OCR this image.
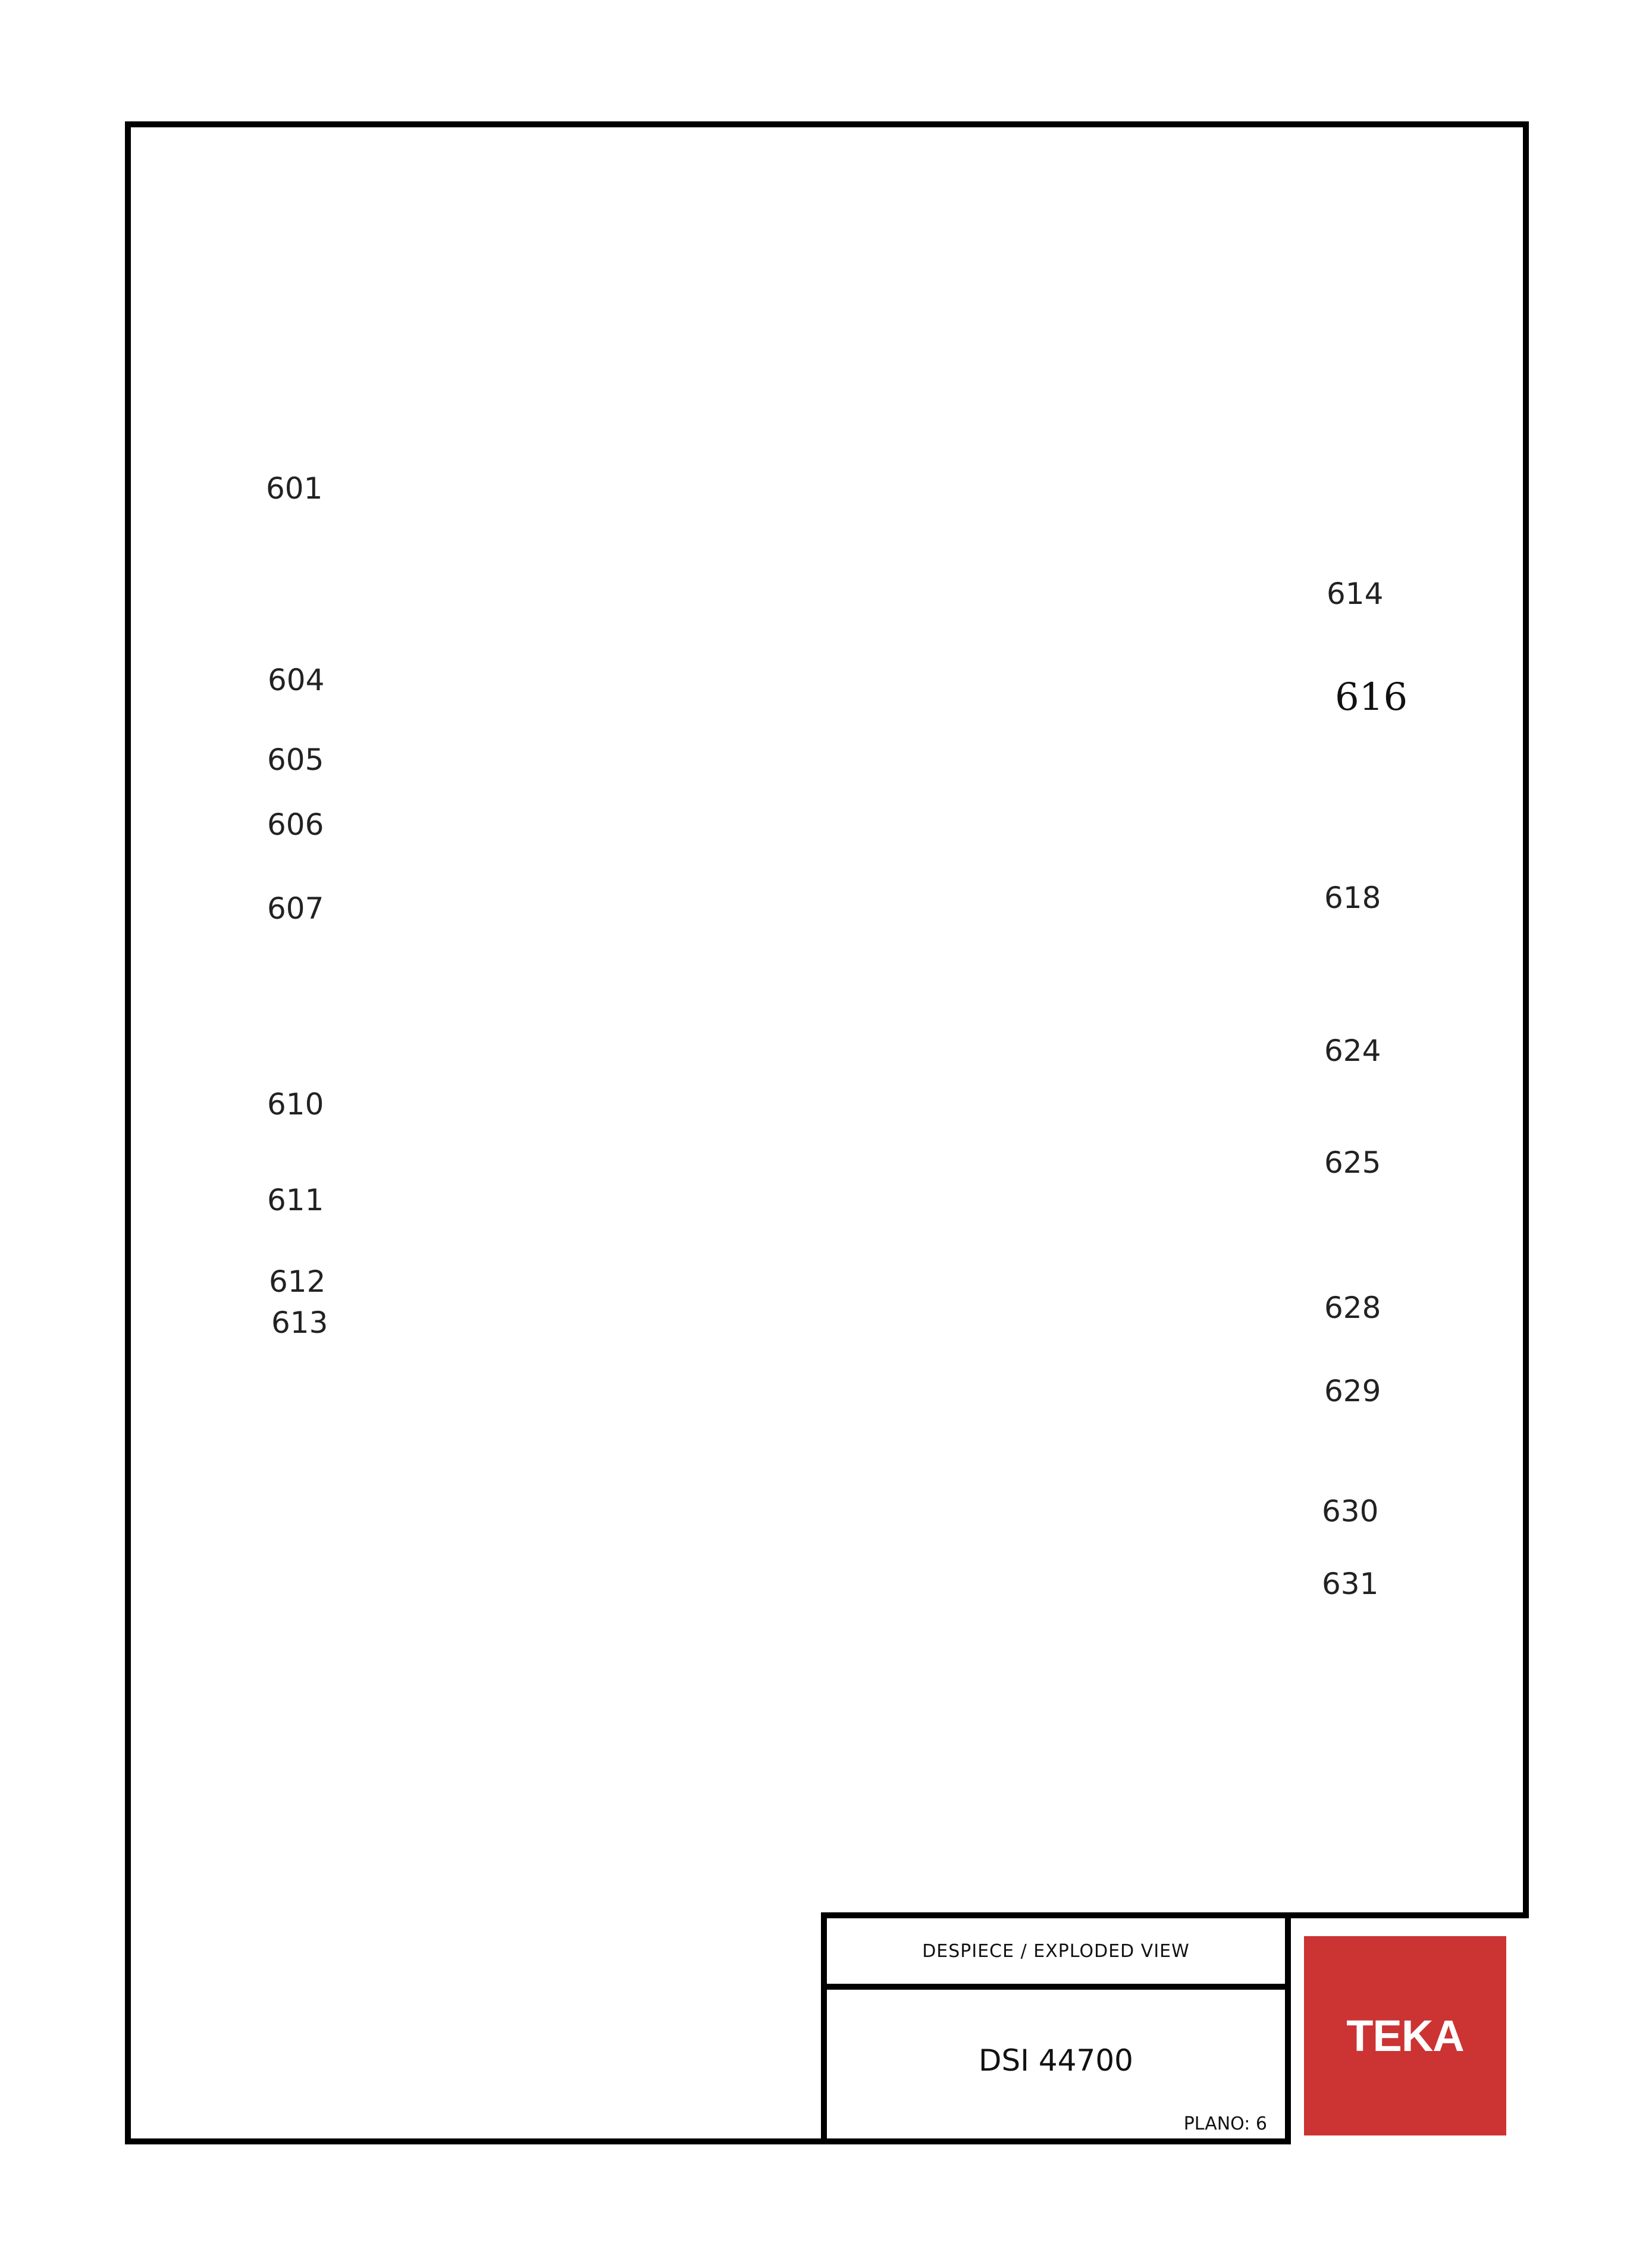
601
604
605
606
607
610
611
612
613
614
616
618
624
625
628
629
630
631
DESPIECE / EXPLODED VIEW
DSI 44700
PLANO: 6
TEKA
